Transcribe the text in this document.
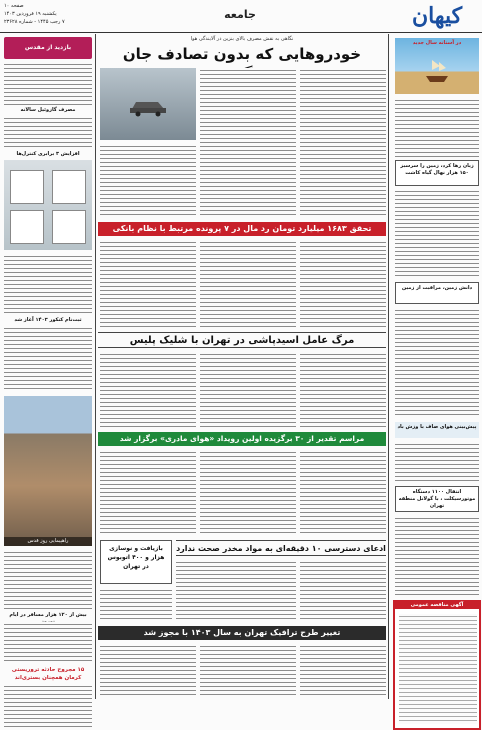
کیهان
جامعه
صفحه ۱۰
یکشنبه ۱۹ فروردین ۱۴۰۳
۷ رجب ۱۴۴۵ - شماره ۲۳۶۲۸
نگاهی به نقش مصرف بالای بنزین در آلایندگی هوا
خودروهایی که بدون تصادف جان
در آستانه سال جدید
زبان رها کرد، زمین را سرسبز ۱۵۰ هزار نهال گیاه کاشت
دانش زمین، مراقبت از زمین
پیش‌بینی هوای صاف با وزش باد
انتقال ۱۱۰۰ دستگاه موتورسیکلت ، با گولانل منطقه تهران
آگهی مناقصه عمومی
بازدید از مقدس
مصرف گازوئیل سالانه
افزایش ۳ برابری کنترل‌ها
ثبت‌نام کنکور ۱۴۰۳ آغاز شد
راهپیمایی روز قدس
بیش از ۱۲۰ هزار مسافر در ایام
۱۵ مجروح حادثه تروریستی کرمان همچنان بستری‌اند
تحقق ۱۶۸۳ میلیارد تومان رد مال در ۷ پرونده مرتبط با نظام بانکی
مرگ عامل اسیدپاشی در تهران با شلیک پلیس
مراسم تقدیر از ۳۰ برگزیده اولین رویداد «هوای مادری» برگزار شد
ادعای دسترسی ۱۰ دقیقه‌ای به مواد مخدر صحت ندارد
بازیافت و نوسازی هزار و ۴۰۰ اتوبوس در تهران
تغییر طرح ترافیک تهران به سال ۱۴۰۳ با مجوز شد
